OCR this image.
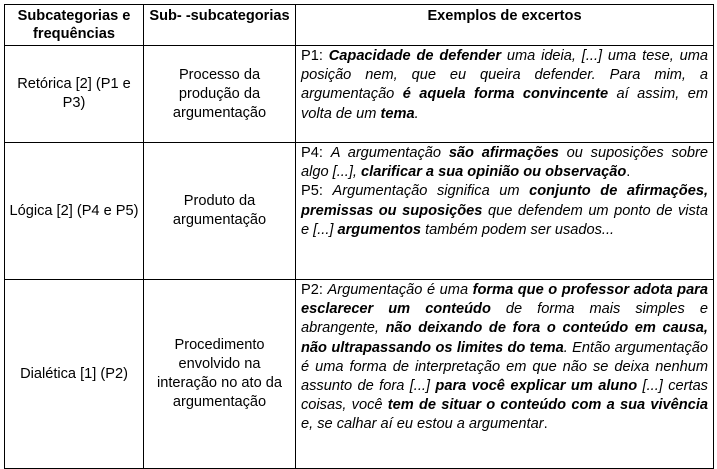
Subcategorias e frequências	Sub- -subcategorias	Exemplos de excertos
Retórica [2] (P1 e P3)	Processo da produção da argumentação	P1: Capacidade de defender uma ideia, [...] uma tese, uma posição nem, que eu queira defender. Para mim, a argumentação é aquela forma convincente aí assim, em volta de um tema.

Lógica [2] (P4 e P5)	Produto da argumentação	P4: A argumentação são afirmações ou suposições sobre algo [...], clarificar a sua opinião ou observação.
P5: Argumentação significa um conjunto de afirmações, premissas ou suposições que defendem um ponto de vista e [...] argumentos também podem ser usados...

Dialética [1] (P2)	Procedimento envolvido na interação no ato da argumentação	P2: Argumentação é uma forma que o professor adota para esclarecer um conteúdo de forma mais simples e abrangente, não deixando de fora o conteúdo em causa, não ultrapassando os limites do tema. Então argumentação é uma forma de interpretação em que não se deixa nenhum assunto de fora [...] para você explicar um aluno [...] certas coisas, você tem de situar o conteúdo com a sua vivência e, se calhar aí eu estou a argumentar.
